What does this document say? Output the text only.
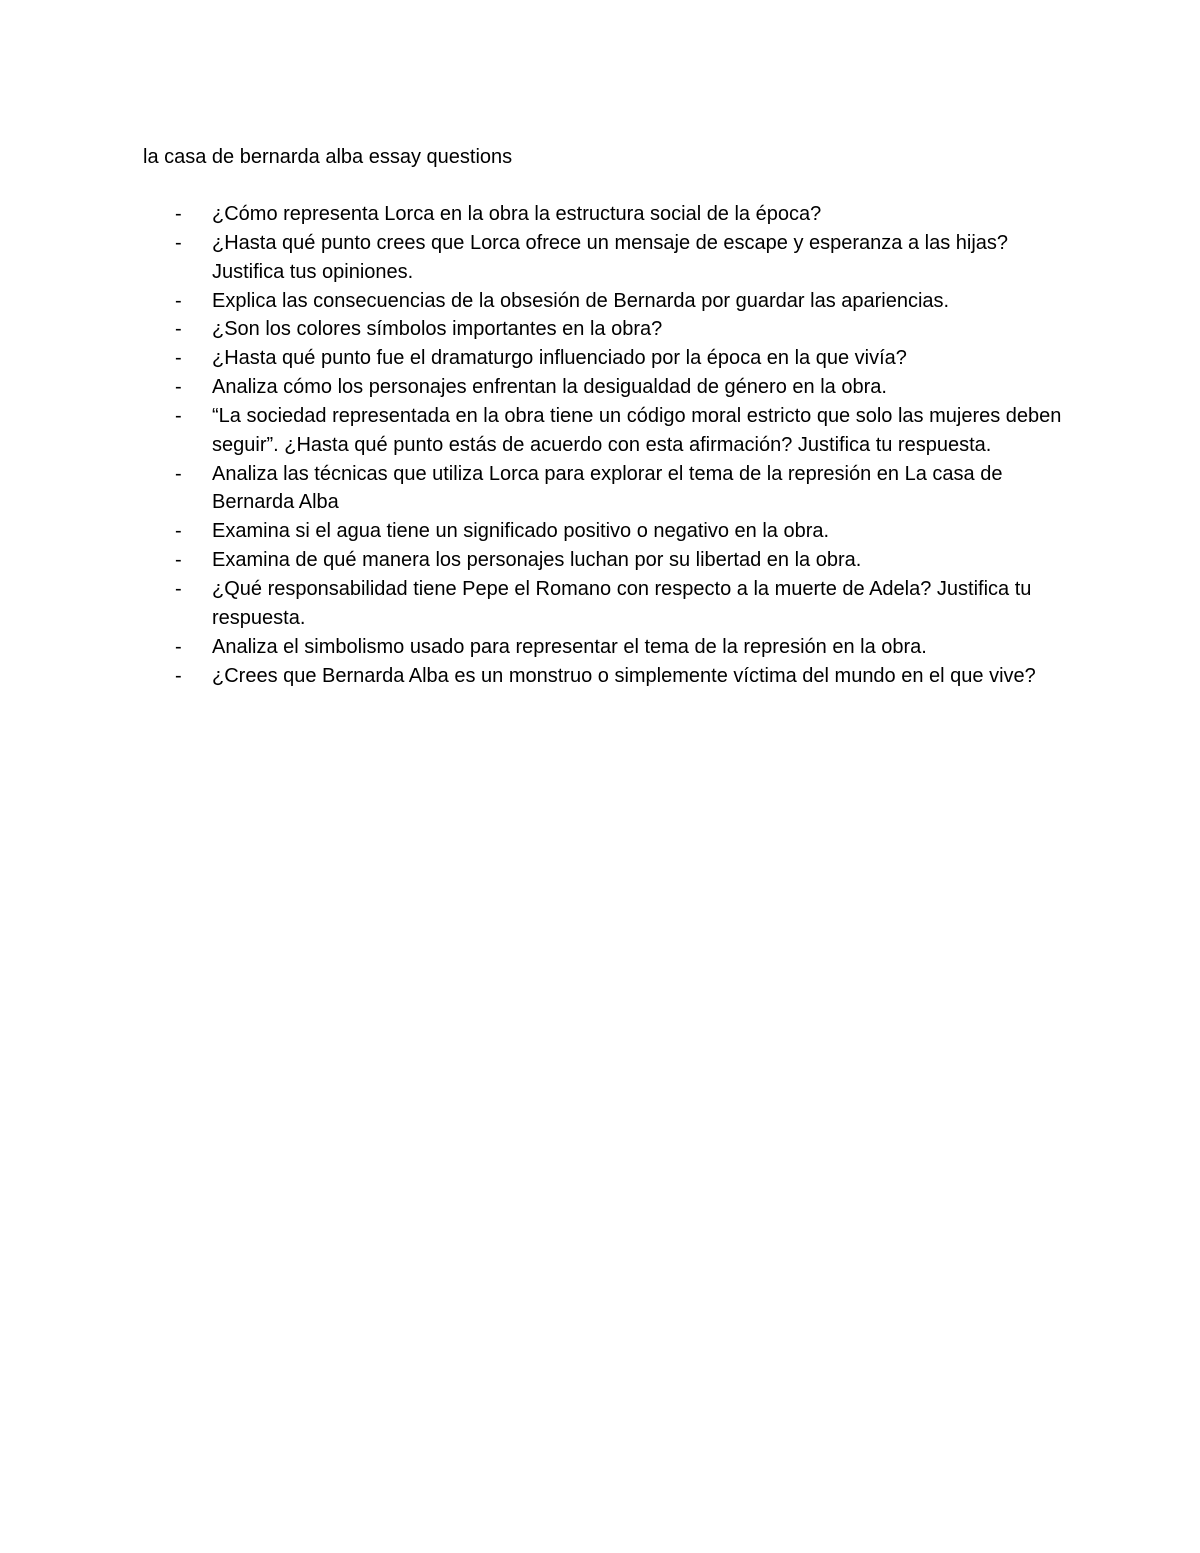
la casa de bernarda alba essay questions
- ¿Cómo representa Lorca en la obra la estructura social de la época?
- ¿Hasta qué punto crees que Lorca ofrece un mensaje de escape y esperanza a las hijas? Justifica tus opiniones.
- Explica las consecuencias de la obsesión de Bernarda por guardar las apariencias.
- ¿Son los colores símbolos importantes en la obra?
- ¿Hasta qué punto fue el dramaturgo influenciado por la época en la que vivía?
- Analiza cómo los personajes enfrentan la desigualdad de género en la obra.
- “La sociedad representada en la obra tiene un código moral estricto que solo las mujeres deben seguir”. ¿Hasta qué punto estás de acuerdo con esta afirmación? Justifica tu respuesta.
- Analiza las técnicas que utiliza Lorca para explorar el tema de la represión en La casa de Bernarda Alba
- Examina si el agua tiene un significado positivo o negativo en la obra.
- Examina de qué manera los personajes luchan por su libertad en la obra.
- ¿Qué responsabilidad tiene Pepe el Romano con respecto a la muerte de Adela? Justifica tu respuesta.
- Analiza el simbolismo usado para representar el tema de la represión en la obra.
- ¿Crees que Bernarda Alba es un monstruo o simplemente víctima del mundo en el que vive?
